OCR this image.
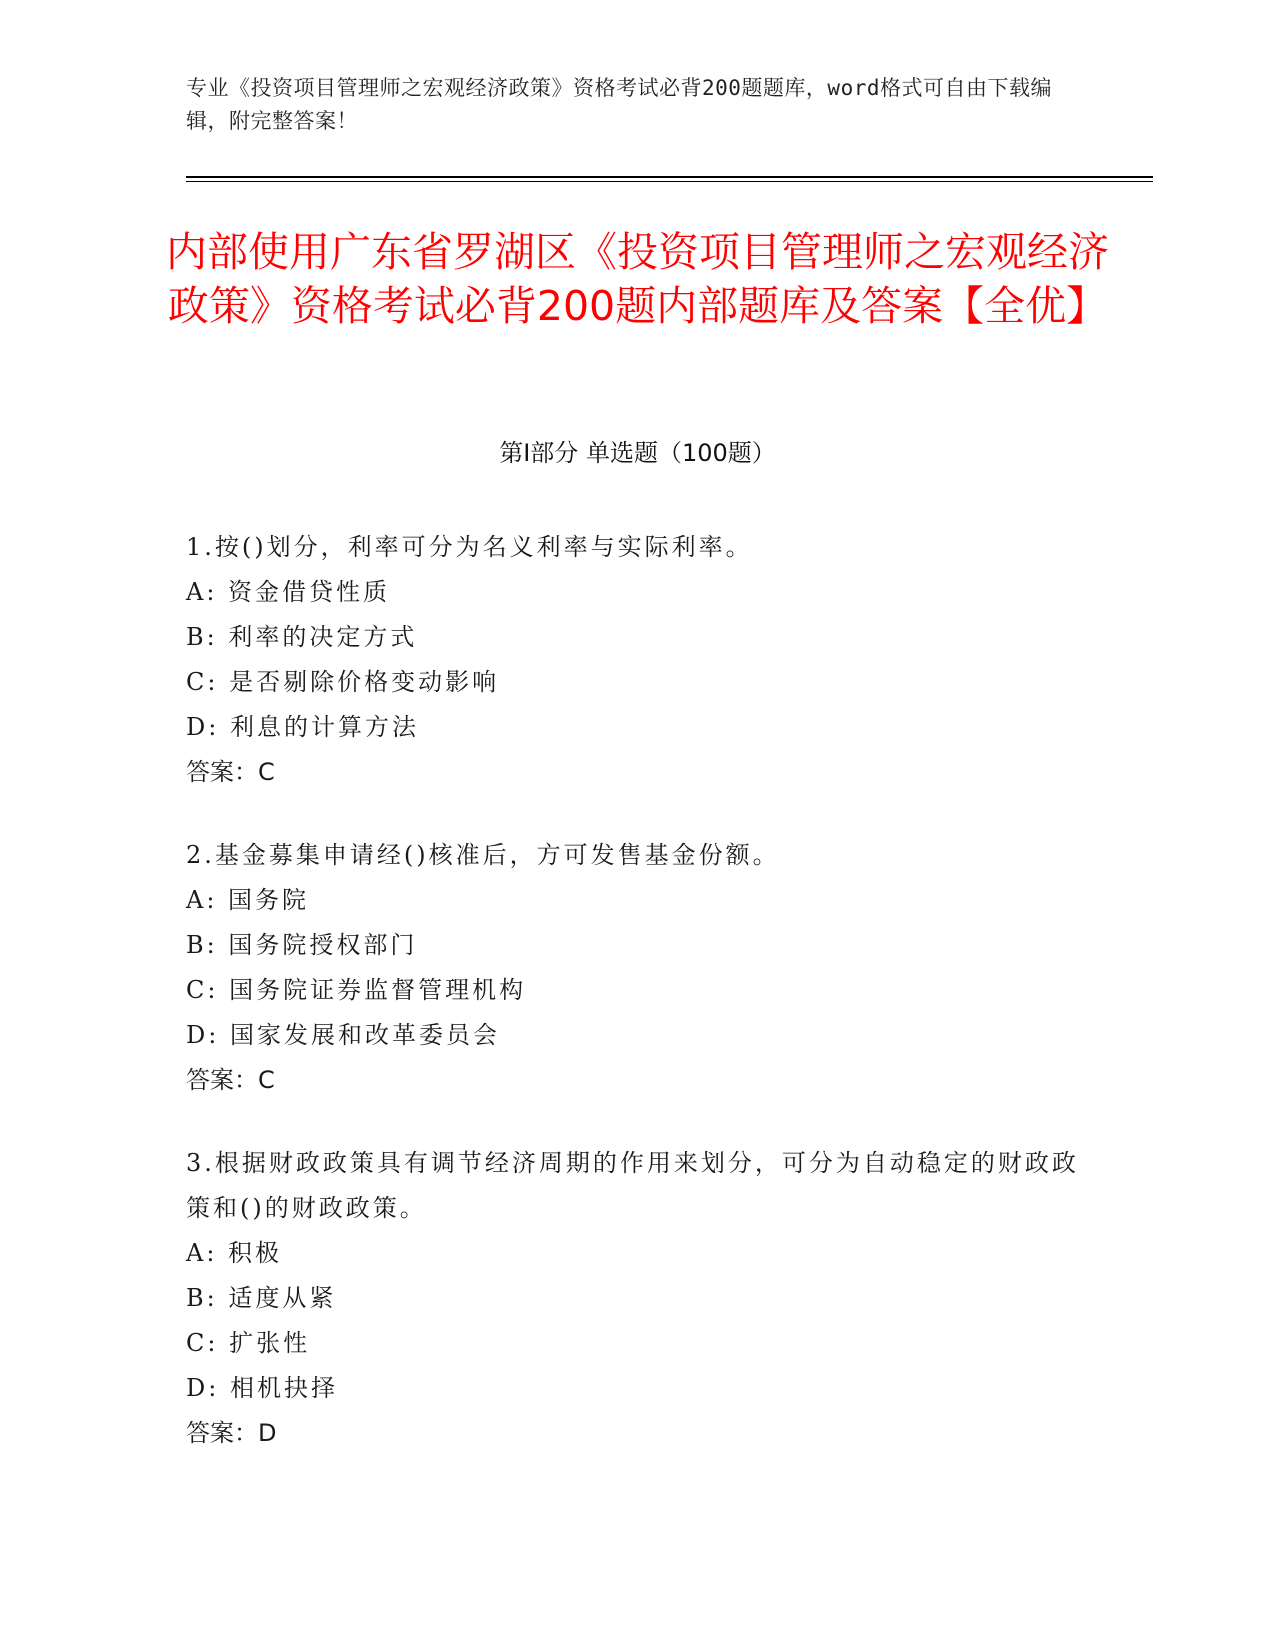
专业《投资项目管理师之宏观经济政策》资格考试必背200题题库，word格式可自由下载编辑，附完整答案！
内部使用广东省罗湖区《投资项目管理师之宏观经济政策》资格考试必背200题内部题库及答案【全优】
第Ⅰ部分 单选题（100题）

1.按()划分，利率可分为名义利率与实际利率。

A: 资金借贷性质

B: 利率的决定方式

C: 是否剔除价格变动影响

D: 利息的计算方法

答案：C

2.基金募集申请经()核准后，方可发售基金份额。

A: 国务院

B: 国务院授权部门

C: 国务院证券监督管理机构

D: 国家发展和改革委员会

答案：C

3.根据财政政策具有调节经济周期的作用来划分，可分为自动稳定的财政政策和()的财政政策。

A: 积极

B: 适度从紧

C: 扩张性

D: 相机抉择

答案：D
